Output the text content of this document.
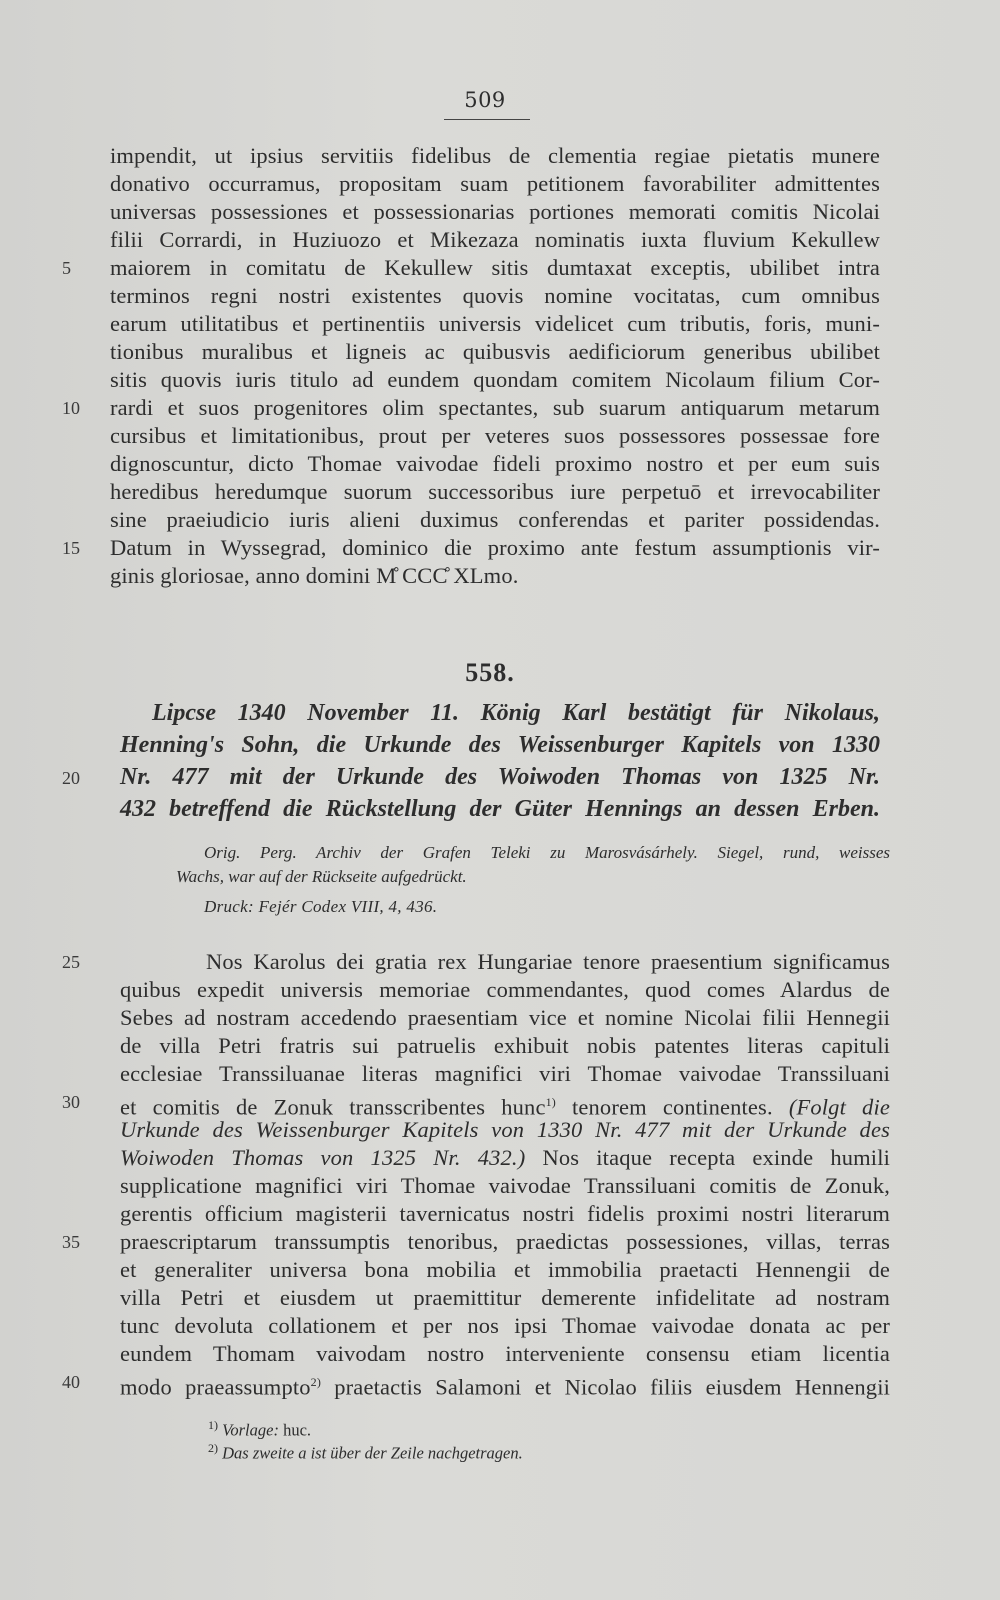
509
impendit, ut ipsius servitiis fidelibus de clementia regiae pietatis munere
donativo occurramus, propositam suam petitionem favorabiliter admittentes
universas possessiones et possessionarias portiones memorati comitis Nicolai
filii Corrardi, in Huziuozo et Mikezaza nominatis iuxta fluvium Kekullew
maiorem in comitatu de Kekullew sitis dumtaxat exceptis, ubilibet intra
terminos regni nostri existentes quovis nomine vocitatas, cum omnibus
earum utilitatibus et pertinentiis universis videlicet cum tributis, foris, muni-
tionibus muralibus et ligneis ac quibusvis aedificiorum generibus ubilibet
sitis quovis iuris titulo ad eundem quondam comitem Nicolaum filium Cor-
rardi et suos progenitores olim spectantes, sub suarum antiquarum metarum
cursibus et limitationibus, prout per veteres suos possessores possessae fore
dignoscuntur, dicto Thomae vaivodae fideli proximo nostro et per eum suis
heredibus heredumque suorum successoribus iure perpetuō et irrevocabiliter
sine praeiudicio iuris alieni duximus conferendas et pariter possidendas.
Datum in Wyssegrad, dominico die proximo ante festum assumptionis vir-
ginis gloriosae, anno domini M̊ CCC̊ XLmo.
558.
Lipcse 1340 November 11. König Karl bestätigt für Nikolaus,
Henning's Sohn, die Urkunde des Weissenburger Kapitels von 1330
Nr. 477 mit der Urkunde des Woiwoden Thomas von 1325 Nr.
432 betreffend die Rückstellung der Güter Hennings an dessen Erben.
Orig. Perg. Archiv der Grafen Teleki zu Marosvásárhely. Siegel, rund, weisses
Wachs, war auf der Rückseite aufgedrückt.
Druck: Fejér Codex VIII, 4, 436.
Nos Karolus dei gratia rex Hungariae tenore praesentium significamus
quibus expedit universis memoriae commendantes, quod comes Alardus de
Sebes ad nostram accedendo praesentiam vice et nomine Nicolai filii Hennegii
de villa Petri fratris sui patruelis exhibuit nobis patentes literas capituli
ecclesiae Transsiluanae literas magnifici viri Thomae vaivodae Transsiluani
et comitis de Zonuk transscribentes hunc$^{1)}$ tenorem continentes. (Folgt die
Urkunde des Weissenburger Kapitels von 1330 Nr. 477 mit der Urkunde des
Woiwoden Thomas von 1325 Nr. 432.) Nos itaque recepta exinde humili
supplicatione magnifici viri Thomae vaivodae Transsiluani comitis de Zonuk,
gerentis officium magisterii tavernicatus nostri fidelis proximi nostri literarum
praescriptarum transsumptis tenoribus, praedictas possessiones, villas, terras
et generaliter universa bona mobilia et immobilia praetacti Hennengii de
villa Petri et eiusdem ut praemittitur demerente infidelitate ad nostram
tunc devoluta collationem et per nos ipsi Thomae vaivodae donata ac per
eundem Thomam vaivodam nostro interveniente consensu etiam licentia
modo praeassumpto$^{2)}$ praetactis Salamoni et Nicolao filiis eiusdem Hennengii
5
10
15
20
25
30
35
40
$^{1)}$ Vorlage: huc.
$^{2)}$ Das zweite a ist über der Zeile nachgetragen.
